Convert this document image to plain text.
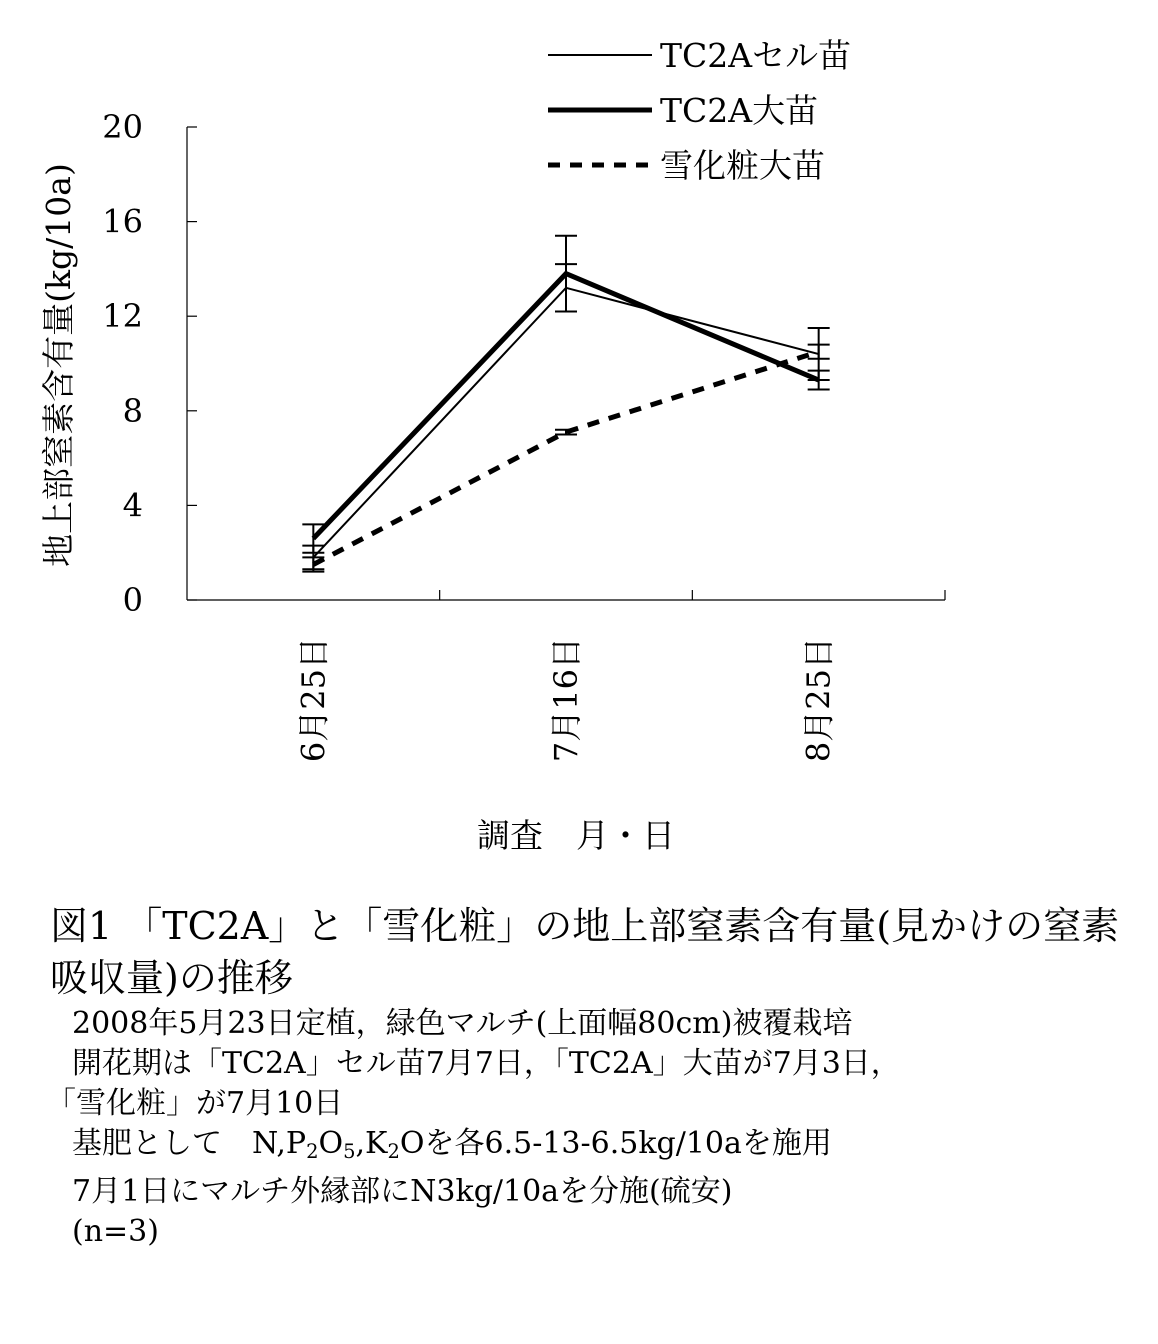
0
4
8
12
16
20
6月25日	7月16日	8月25日
TC2Aセル苗
TC2A大苗
雪化粧大苗
地上部窒素含有量(kg/10a)
調査　月・日
図1 「TC2A」と「雪化粧」の地上部窒素含有量(見かけの窒素吸収量)の推移
2008年5月23日定植，緑色マルチ(上面幅80cm)被覆栽培
開花期は「TC2A」セル苗7月7日，「TC2A」大苗が7月3日，
「雪化粧」が7月10日
基肥として　$N,P_2O_5,K_2O$を各6.5-13-6.5kg/10aを施用
7月1日にマルチ外縁部にN3kg/10aを分施(硫安)
(n=3)
